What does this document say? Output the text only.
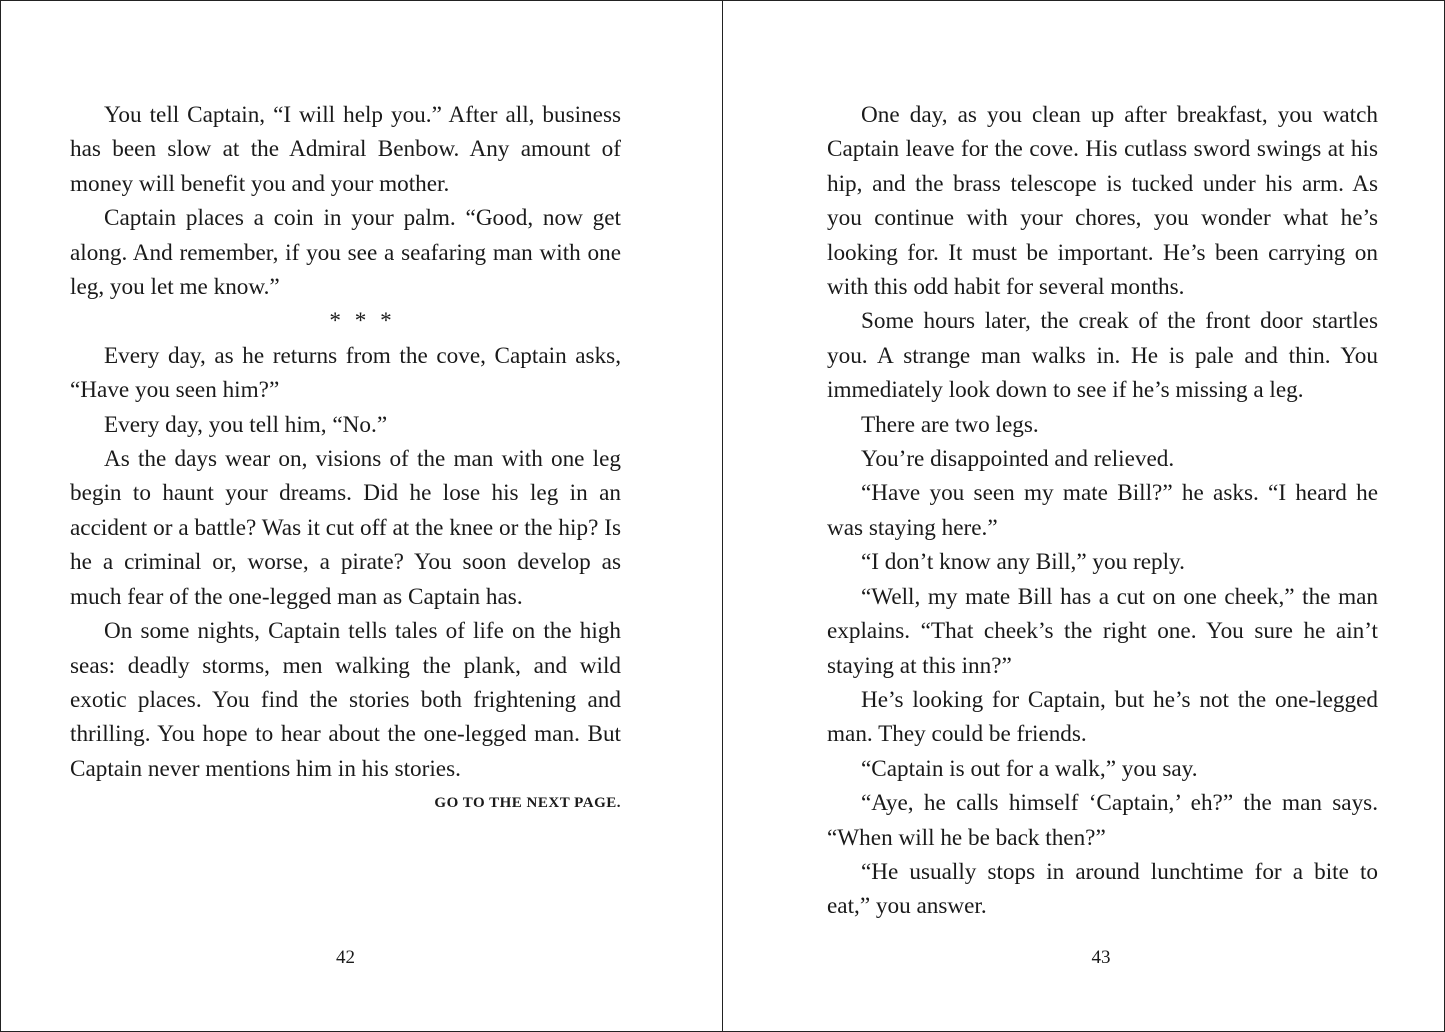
You tell Captain, “I will help you.” After all, business has been slow at the Admiral Benbow. Any amount of money will benefit you and your mother.

Captain places a coin in your palm. “Good, now get along. And remember, if you see a seafaring man with one leg, you let me know.”

* * *

Every day, as he returns from the cove, Captain asks, “Have you seen him?”

Every day, you tell him, “No.”

As the days wear on, visions of the man with one leg begin to haunt your dreams. Did he lose his leg in an accident or a battle? Was it cut off at the knee or the hip? Is he a criminal or, worse, a pirate? You soon develop as much fear of the one-legged man as Captain has.

On some nights, Captain tells tales of life on the high seas: deadly storms, men walking the plank, and wild exotic places. You find the stories both frightening and thrilling. You hope to hear about the one-legged man. But Captain never mentions him in his stories.

GO TO THE NEXT PAGE.

42

One day, as you clean up after breakfast, you watch Captain leave for the cove. His cutlass sword swings at his hip, and the brass telescope is tucked under his arm. As you continue with your chores, you wonder what he’s looking for. It must be important. He’s been carrying on with this odd habit for several months.

Some hours later, the creak of the front door startles you. A strange man walks in. He is pale and thin. You immediately look down to see if he’s missing a leg.

There are two legs.

You’re disappointed and relieved.

“Have you seen my mate Bill?” he asks. “I heard he was staying here.”

“I don’t know any Bill,” you reply.

“Well, my mate Bill has a cut on one cheek,” the man explains. “That cheek’s the right one. You sure he ain’t staying at this inn?”

He’s looking for Captain, but he’s not the one-legged man. They could be friends.

“Captain is out for a walk,” you say.

“Aye, he calls himself ‘Captain,’ eh?” the man says. “When will he be back then?”

“He usually stops in around lunchtime for a bite to eat,” you answer.

43
